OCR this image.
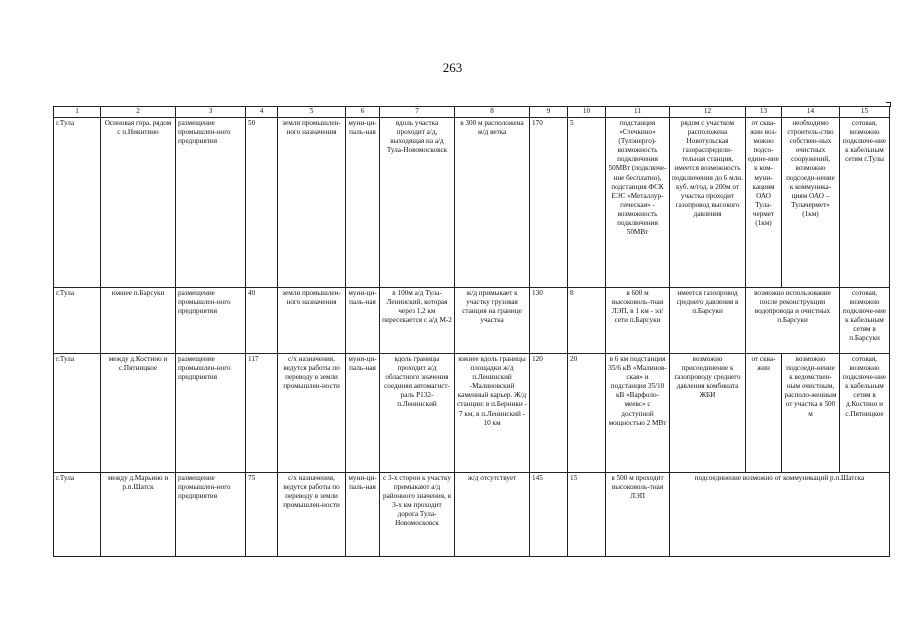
263
1	2	3	4	5	6	7	8	9	10	11	12	13	14	15
г.Тула	Осиновая гора, рядом с п.Никитино	размещение промышлен-ного предприятия	50	земли промышлен-ного назначения	муни-ци-паль-ная	вдоль участка проходит а/д, выходящая на а/д Тула-Новомосковск	в 300 м расположена ж/д ветка	170	5	подстанция «Стечкино» (Тулэнерго)-возможность подключения 50МВт (подключе-ние бесплатно), подстанция ФСК ЕЭС «Металлур-гическая» - возможность подключения 50МВт	рядом с участком расположена Новотульская газораспредели-тельная станция, имеется возможность подключения до 6 млн. куб. м/год. в 200м от участка проходит газопровод высокого давления	от сква-жин воз-можно подсо-едине-ние к ком-муни-кациям ОАО Тула-чермет (1км)	необходимо строитель-ство собствен-ных очистных сооружений, возможно подсоеди-нение к коммуника-циям ОАО – Тулачермет» (1км)	сотовая, возможно подключе-ние к кабельным сетям г.Тулы
г.Тула	южнее п.Барсуки	размещение промышлен-ного предприятия	40	земли промышлен-ного назначения	муни-ци-паль-ная	в 100м а/д Тула-Ленинский, которая через 1,2 км пересекается с а/д М-2	ж/д примыкает к участку грузовая станция на границе участка	130	8	в 600 м высоковоль-тная ЛЭП, в 1 км - эл/сети п.Барсуки	имеется газопровод среднего давления в п.Барсуки	возможно использование после реконструкции водопровода и очистных п.Барсуки		сотовая, возможно подключе-ние к кабельным сетям в п.Барсуки
г.Тула	между д.Костино и с.Пятницкое	размещение промышлен-ного предприятия	117	с/х назначения, ведутся работы по переводу в земли промышлен-ности	муни-ци-паль-ная	вдоль границы проходит а/д областного значения соединяя автомагист-раль Р132-п.Ленинский	южнее вдоль границы площадки ж/д п.Ленинский -Малиновский каменный карьер. Ж/д станции: в п.Берники - 7 км, в п.Ленинский - 10 км	120	20	в 6 км подстанция 35/6 кВ «Малинов-ская» и подстанция 35/10 кВ «Варфоло-меевс» с доступной мощностью 2 МВт	возможно присоединение к газопроводу среднего давления комбината ЖБИ	от сква-жин	возможно подсоеди-нение к ведомствен-ным очистным, располо-женным от участка в 500 м	сотовая, возможно подключе-ние к кабельным сетям в д.Костино и с.Пятницкое
г.Тула	между д.Марьино и р.п.Шатск	размещение промышлен-ного предприятия	75	с/х назначения, ведутся работы по переводу в земли промышлен-ности	муни-ци-паль-ная	с 3-х сторон к участку примыкают а/д районного значения, в 3-х км проходит дорога Тула-Новомосковск	ж/д отсутствует	145	15	в 500 м проходит высоковоль-тная ЛЭП	подсоединение возможно от коммуникаций р.п.Шатска			
